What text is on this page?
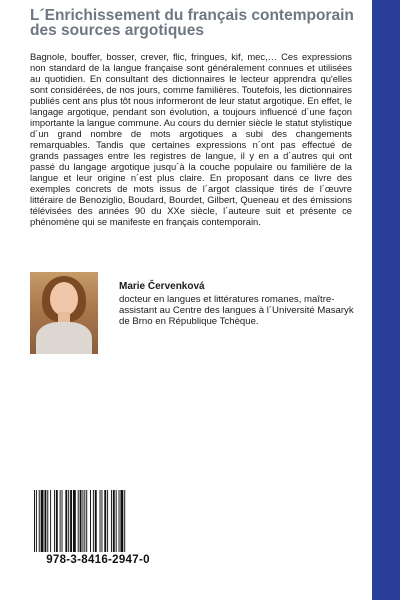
L´Enrichissement du français contemporain des sources argotiques
Bagnole, bouffer, bosser, crever, flic, fringues, kif, mec,… Ces expressions non standard de la langue française sont généralement connues et utilisées au quotidien. En consultant des dictionnaires le lecteur apprendra qu'elles sont considérées, de nos jours, comme familières. Toutefois, les dictionnaires publiés cent ans plus tôt nous informeront de leur statut argotique. En effet, le langage argotique, pendant son évolution, a toujours influencé d´une façon importante la langue commune. Au cours du dernier siècle le statut stylistique d´un grand nombre de mots argotiques a subi des changements remarquables. Tandis que certaines expressions n´ont pas effectué de grands passages entre les registres de langue, il y en a d´autres qui ont passé du langage argotique jusqu´à la couche populaire ou familière de la langue et leur origine n´est plus claire. En proposant dans ce livre des exemples concrets de mots issus de l´argot classique tirés de l´œuvre littéraire de Benoziglio, Boudard, Bourdet, Gilbert, Queneau et des émissions télévisées des années 90 du XXe siècle, l´auteure suit et présente ce phénomène qui se manifeste en français contemporain.
Marie Červenková
docteur en langues et littératures romanes, maître-assistant au Centre des langues à l´Université Masaryk de Brno en République Tchèque.
978-3-8416-2947-0
